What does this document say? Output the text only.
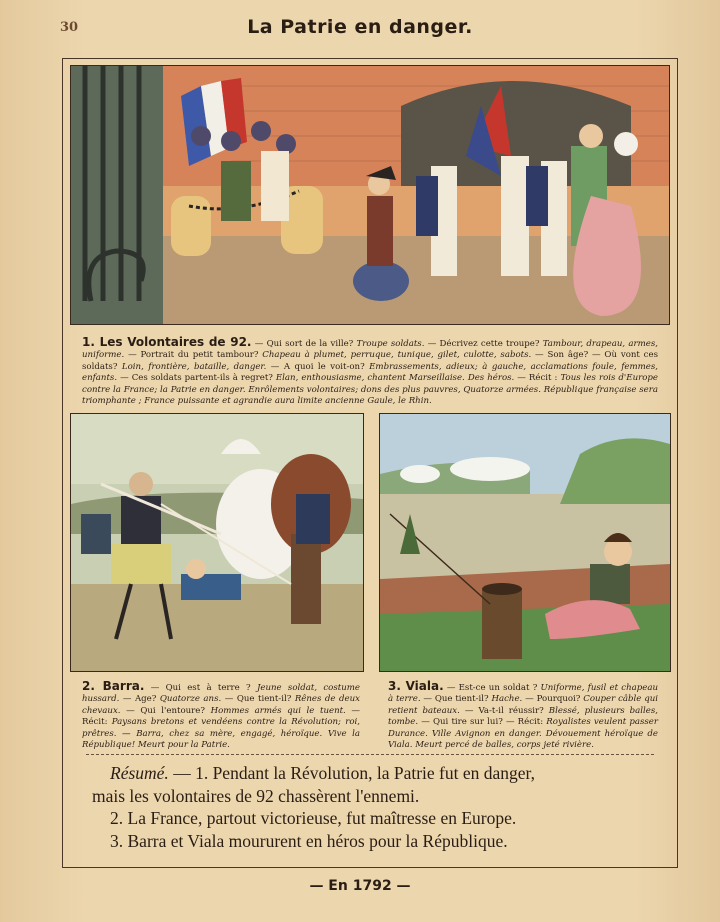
30	La Patrie en danger.
1. Les Volontaires de 92. — Qui sort de la ville? Troupe soldats. — Décrivez cette troupe? Tambour, drapeau, armes, uniforme. — Portrait du petit tambour? Chapeau à plumet, perruque, tunique, gilet, culotte, sabots. — Son âge? — Où vont ces soldats? Loin, frontière, bataille, danger. — A quoi le voit-on? Embrassements, adieux; à gauche, acclamations foule, femmes, enfants. — Ces soldats partent-ils à regret? Elan, enthousiasme, chantent Marseillaise. Des héros. — Récit : Tous les rois d'Europe contre la France; la Patrie en danger. Enrôlements volontaires; dons des plus pauvres, Quatorze armées. République française sera triomphante ; France puissante et agrandie aura limite ancienne Gaule, le Rhin.
2. Barra. — Qui est à terre ? Jeune soldat, costume hussard. — Age? Quatorze ans. — Que tient-il? Rênes de deux chevaux. — Qui l'entoure? Hommes armés qui le tuent. — Récit: Paysans bretons et vendéens contre la Révolution; roi, prêtres. — Barra, chez sa mère, engagé, héroïque. Vive la République! Meurt pour la Patrie.
3. Viala. — Est-ce un soldat ? Uniforme, fusil et chapeau à terre. — Que tient-il? Hache. — Pourquoi? Couper câble qui retient bateaux. — Va-t-il réussir? Blessé, plusieurs balles, tombe. — Qui tire sur lui? — Récit: Royalistes veulent passer Durance. Ville Avignon en danger. Dévouement héroïque de Viala. Meurt percé de balles, corps jeté rivière.
Résumé. — 1. Pendant la Révolution, la Patrie fut en danger,
mais les volontaires de 92 chassèrent l'ennemi.
2. La France, partout victorieuse, fut maîtresse en Europe.
3. Barra et Viala moururent en héros pour la République.
— En 1792 —
